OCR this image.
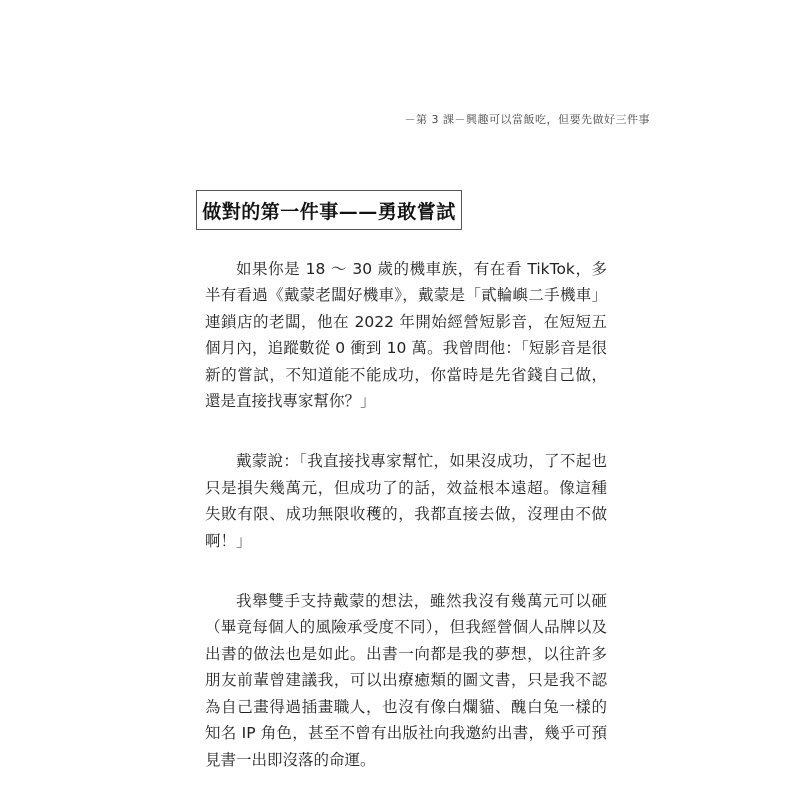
－第 3 課－興趣可以當飯吃，但要先做好三件事
做對的第一件事——勇敢嘗試

如果你是 18 ～ 30 歲的機車族，有在看 TikTok，多半有看過《戴蒙老闆好機車》，戴蒙是「貳輪嶼二手機車」連鎖店的老闆，他在 2022 年開始經營短影音，在短短五個月內，追蹤數從 0 衝到 10 萬。我曾問他：「短影音是很新的嘗試，不知道能不能成功，你當時是先省錢自己做，還是直接找專家幫你？」

戴蒙說：「我直接找專家幫忙，如果沒成功，了不起也只是損失幾萬元，但成功了的話，效益根本遠超。像這種失敗有限、成功無限收穫的，我都直接去做，沒理由不做啊！」

我舉雙手支持戴蒙的想法，雖然我沒有幾萬元可以砸（畢竟每個人的風險承受度不同），但我經營個人品牌以及出書的做法也是如此。出書一向都是我的夢想，以往許多朋友前輩曾建議我，可以出療癒類的圖文書，只是我不認為自己畫得過插畫職人，也沒有像白爛貓、醜白兔一樣的知名 IP 角色，甚至不曾有出版社向我邀約出書，幾乎可預見書一出即沒落的命運。
